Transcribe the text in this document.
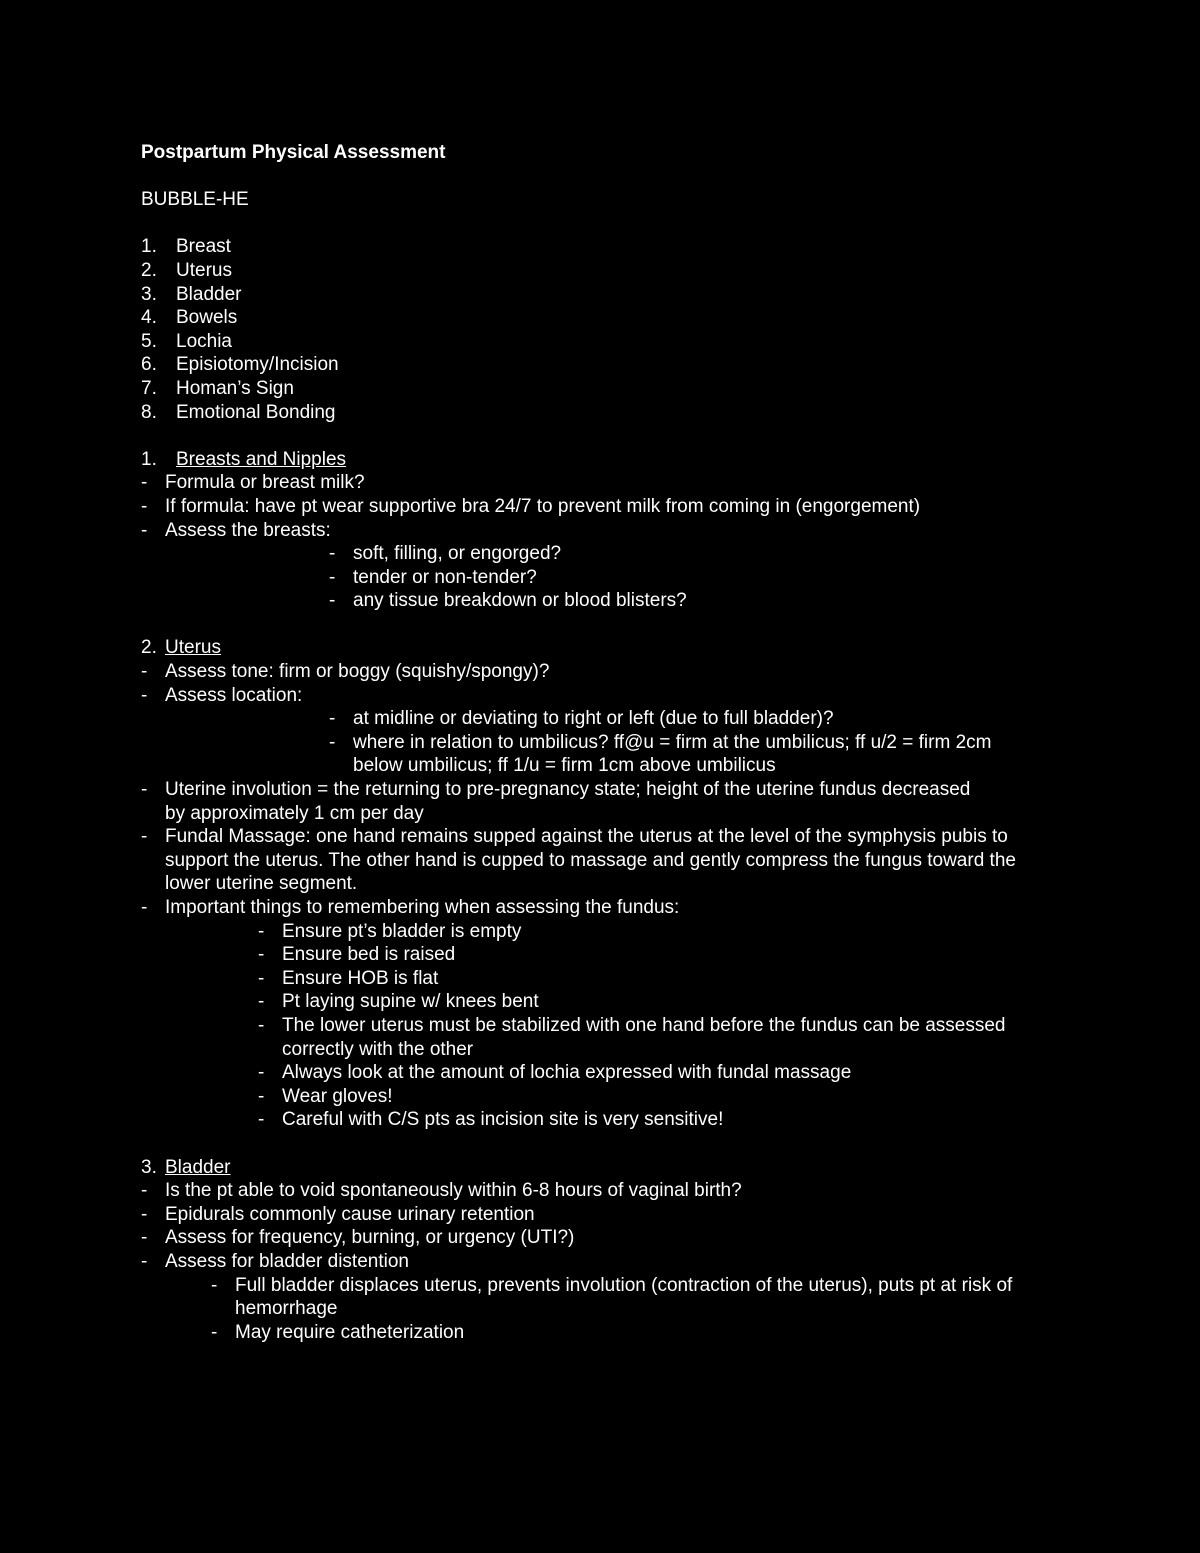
Postpartum Physical Assessment
BUBBLE-HE
1.	Breast
2.	Uterus
3.	Bladder
4.	Bowels
5.	Lochia
6.	Episiotomy/Incision
7.	Homan’s Sign
8.	Emotional Bonding
1.	Breasts and Nipples
- Formula or breast milk?
- If formula: have pt wear supportive bra 24/7 to prevent milk from coming in (engorgement)
- Assess the breasts:
- soft, filling, or engorged?
- tender or non-tender?
- any tissue breakdown or blood blisters?
2. Uterus
- Assess tone: firm or boggy (squishy/spongy)?
- Assess location:
- at midline or deviating to right or left (due to full bladder)?
- where in relation to umbilicus? ff@u = firm at the umbilicus; ff u/2 = firm 2cm below umbilicus; ff 1/u = firm 1cm above umbilicus
- Uterine involution = the returning to pre-pregnancy state; height of the uterine fundus decreased by approximately 1 cm per day
- Fundal Massage: one hand remains supped against the uterus at the level of the symphysis pubis to support the uterus. The other hand is cupped to massage and gently compress the fungus toward the lower uterine segment.
- Important things to remembering when assessing the fundus:
- Ensure pt’s bladder is empty
- Ensure bed is raised
- Ensure HOB is flat
- Pt laying supine w/ knees bent
- The lower uterus must be stabilized with one hand before the fundus can be assessed correctly with the other
- Always look at the amount of lochia expressed with fundal massage
- Wear gloves!
- Careful with C/S pts as incision site is very sensitive!
3. Bladder
- Is the pt able to void spontaneously within 6-8 hours of vaginal birth?
- Epidurals commonly cause urinary retention
- Assess for frequency, burning, or urgency (UTI?)
- Assess for bladder distention
- Full bladder displaces uterus, prevents involution (contraction of the uterus), puts pt at risk of hemorrhage
- May require catheterization
